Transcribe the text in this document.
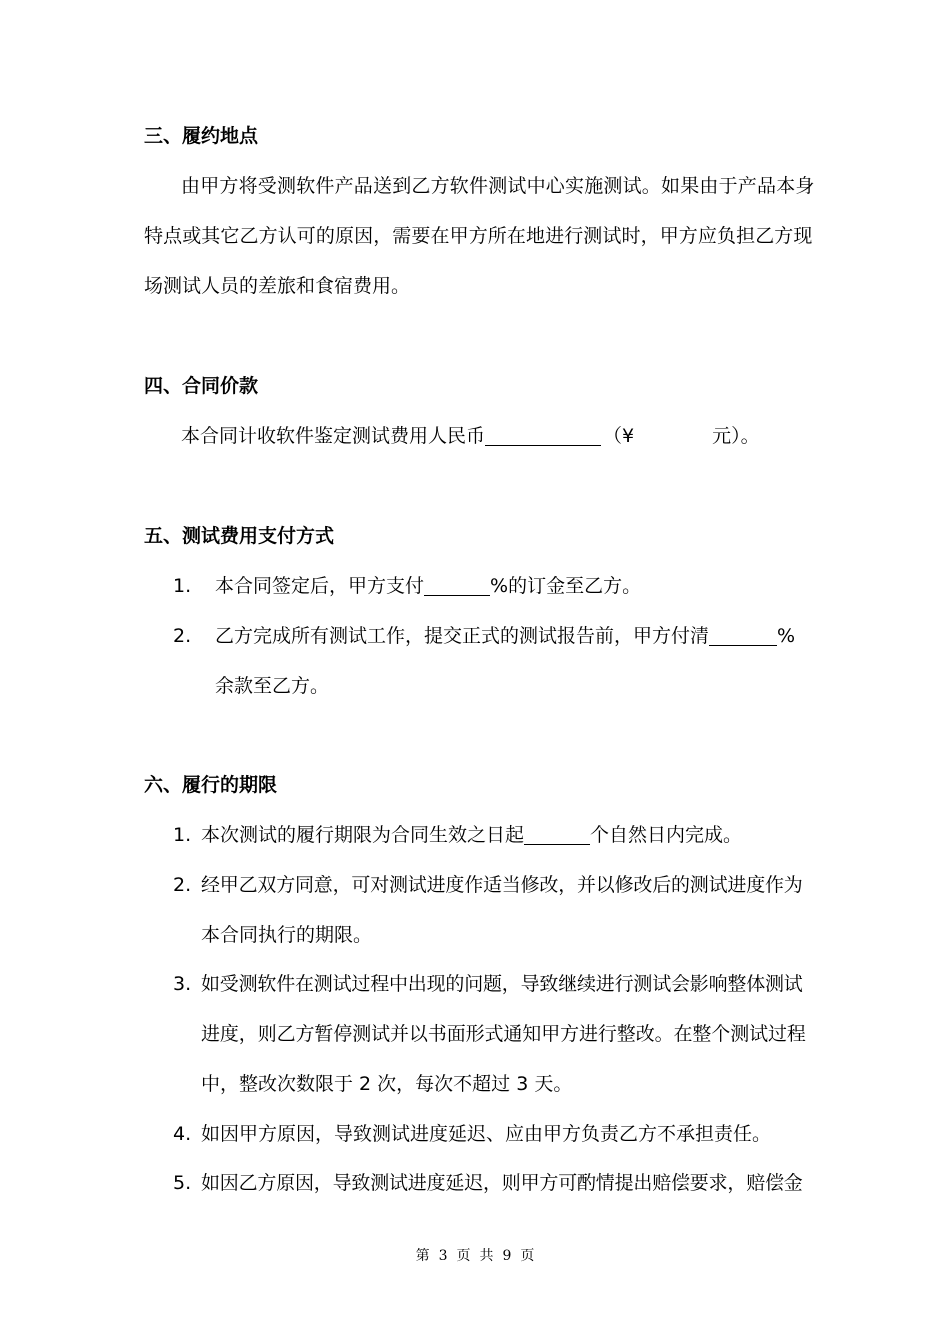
三、履约地点
由甲方将受测软件产品送到乙方软件测试中心实施测试。如果由于产品本身
特点或其它乙方认可的原因，需要在甲方所在地进行测试时，甲方应负担乙方现
场测试人员的差旅和食宿费用。
四、合同价款
本合同计收软件鉴定测试费用人民币	（¥	元）。
五、测试费用支付方式
1. 本合同签定后，甲方支付	%的订金至乙方。
2. 乙方完成所有测试工作，提交正式的测试报告前，甲方付清	%
余款至乙方。
六、履行的期限
1. 本次测试的履行期限为合同生效之日起	个自然日内完成。
2. 经甲乙双方同意，可对测试进度作适当修改，并以修改后的测试进度作为
本合同执行的期限。
3. 如受测软件在测试过程中出现的问题，导致继续进行测试会影响整体测试
进度，则乙方暂停测试并以书面形式通知甲方进行整改。在整个测试过程
中，整改次数限于 2 次，每次不超过 3 天。
4. 如因甲方原因，导致测试进度延迟、应由甲方负责乙方不承担责任。
5. 如因乙方原因，导致测试进度延迟，则甲方可酌情提出赔偿要求，赔偿金
第 3 页 共 9 页
